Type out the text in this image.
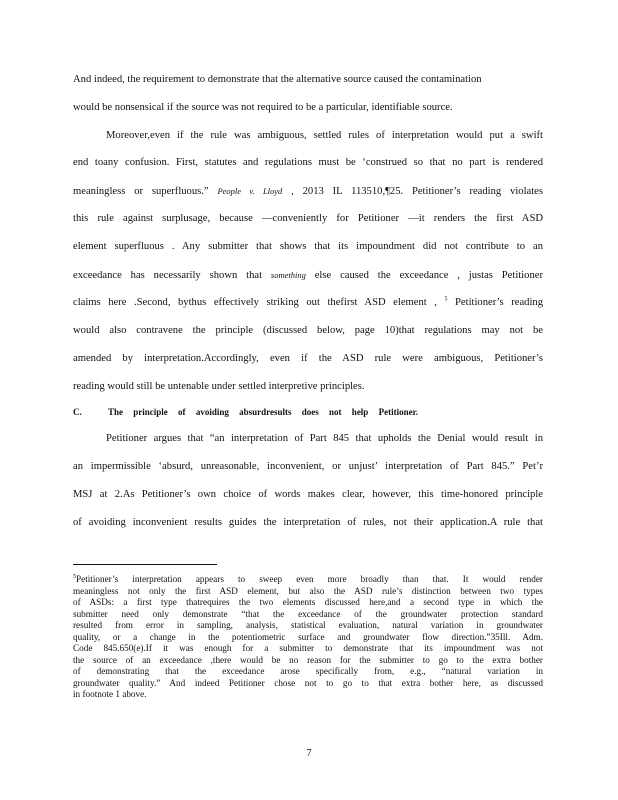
And indeed, the requirement to demonstrate that the alternative source caused the contamination
would be nonsensical if the source was not required to be a particular, identifiable source.
Moreover,even if the rule was ambiguous, settled rules of interpretation would put a swift
end toany confusion. First, statutes and regulations must be ‘construed so that no part is rendered
meaningless or superfluous.” People v. Lloyd , 2013 IL 113510,¶25. Petitioner’s reading violates
this rule against surplusage, because —conveniently for Petitioner —it renders the first ASD
element superfluous . Any submitter that shows that its impoundment did not contribute to an
exceedance has necessarily shown that something else caused the exceedance , justas Petitioner
claims here .Second, bythus effectively striking out thefirst ASD element , $^5$ Petitioner’s reading
would also contravene the principle (discussed below, page 10)that regulations may not be
amended by interpretation.Accordingly, even if the ASD rule were ambiguous, Petitioner’s
reading would still be untenable under settled interpretive principles.
C.	The principle of avoiding absurdresults does not help Petitioner.
Petitioner argues that “an interpretation of Part 845 that upholds the Denial would result in
an impermissible ‘absurd, unreasonable, inconvenient, or unjust’ interpretation of Part 845.” Pet’r
MSJ at 2.As Petitioner’s own choice of words makes clear, however, this time-honored principle
of avoiding inconvenient results guides the interpretation of rules, not their application.A rule that
$^5$Petitioner’s interpretation appears to sweep even more broadly than that. It would render
meaningless not only the first ASD element, but also the ASD rule’s distinction between two types
of ASDs: a first type thatrequires the two elements discussed here,and a second type in which the
submitter need only demonstrate “that the exceedance of the groundwater protection standard
resulted from error in sampling, analysis, statistical evaluation, natural variation in groundwater
quality, or a change in the potentiometric surface and groundwater flow direction.”35Ill. Adm.
Code 845.650(e).If it was enough for a submitter to demonstrate that its impoundment was not
the source of an exceedance ,there would be no reason for the submitter to go to the extra bother
of demonstrating that the exceedance arose specifically from, e.g., “natural variation in
groundwater quality.” And indeed Petitioner chose not to go to that extra bother here, as discussed
in footnote 1 above.
7
